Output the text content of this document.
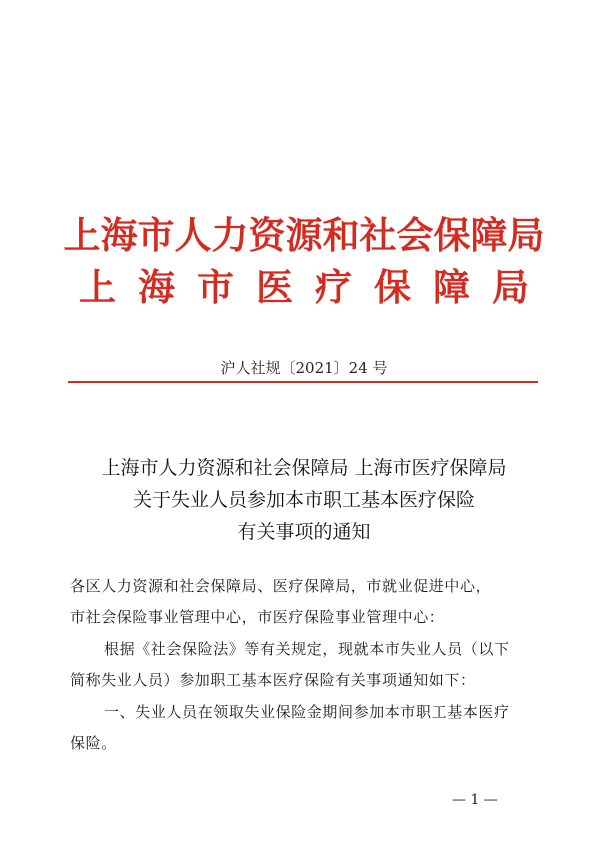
上海市人力资源和社会保障局
上海市医疗保障局
沪人社规〔2021〕24 号
上海市人力资源和社会保障局 上海市医疗保障局
关于失业人员参加本市职工基本医疗保险
有关事项的通知
各区人力资源和社会保障局、医疗保障局，市就业促进中心，
市社会保险事业管理中心，市医疗保险事业管理中心：
根据《社会保险法》等有关规定，现就本市失业人员（以下
简称失业人员）参加职工基本医疗保险有关事项通知如下：
一、失业人员在领取失业保险金期间参加本市职工基本医疗
保险。
— 1 —
